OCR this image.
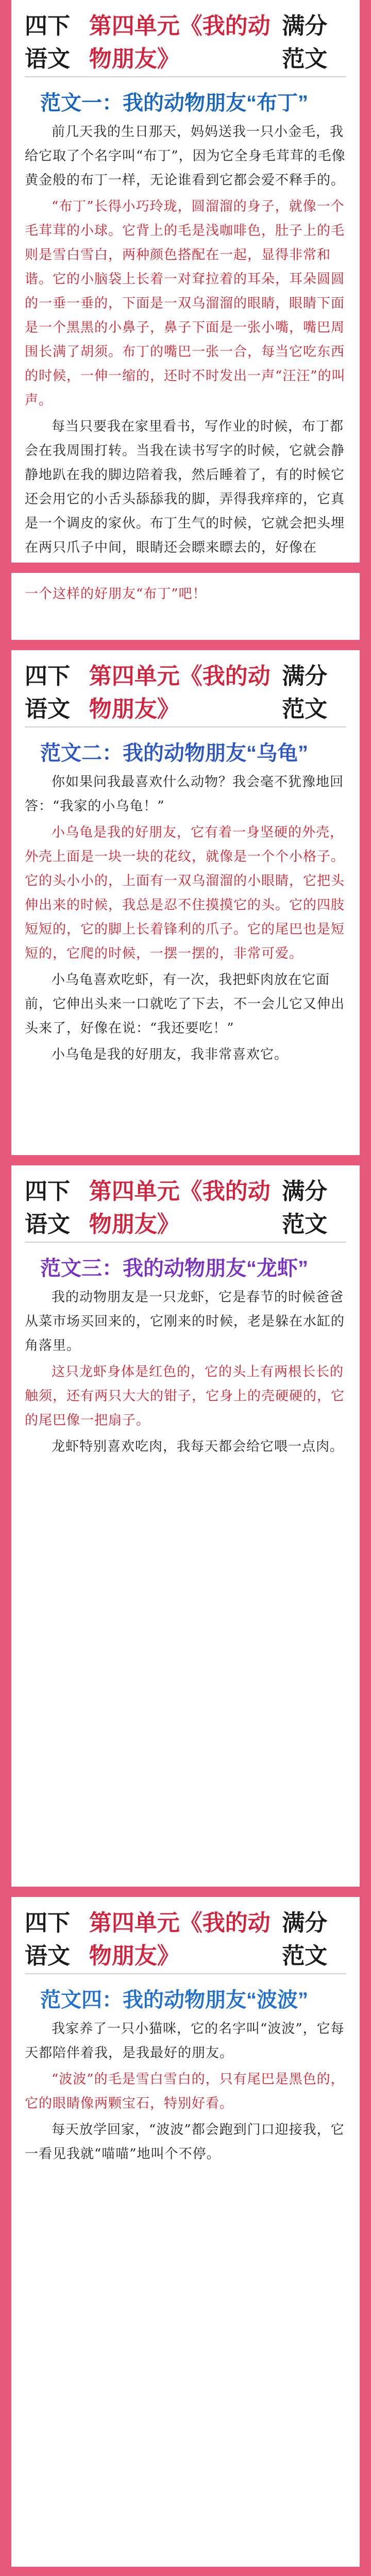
四下语文
第四单元《我的动物朋友》
满分范文
范文一：我的动物朋友“布丁”

前几天我的生日那天，妈妈送我一只小金毛，我给它取了个名字叫“布丁”，因为它全身毛茸茸的毛像黄金般的布丁一样，无论谁看到它都会爱不释手的。

“布丁”长得小巧玲珑，圆溜溜的身子，就像一个毛茸茸的小球。它背上的毛是浅咖啡色，肚子上的毛则是雪白雪白，两种颜色搭配在一起，显得非常和谐。它的小脑袋上长着一对耷拉着的耳朵，耳朵圆圆的一垂一垂的，下面是一双乌溜溜的眼睛，眼睛下面是一个黑黑的小鼻子，鼻子下面是一张小嘴，嘴巴周围长满了胡须。布丁的嘴巴一张一合，每当它吃东西的时候，一伸一缩的，还时不时发出一声“汪汪”的叫声。

每当只要我在家里看书，写作业的时候，布丁都会在我周围打转。当我在读书写字的时候，它就会静静地趴在我的脚边陪着我，然后睡着了，有的时候它还会用它的小舌头舔舔我的脚，弄得我痒痒的，它真是一个调皮的家伙。布丁生气的时候，它就会把头埋在两只爪子中间，眼睛还会瞟来瞟去的，好像在

一个这样的好朋友“布丁”吧！

四下语文
第四单元《我的动物朋友》
满分范文
范文二：我的动物朋友“乌龟”

你如果问我最喜欢什么动物？我会毫不犹豫地回答：“我家的小乌龟！”

小乌龟是我的好朋友，它有着一身坚硬的外壳，外壳上面是一块一块的花纹，就像是一个个小格子。它的头小小的，上面有一双乌溜溜的小眼睛，它把头伸出来的时候，我总是忍不住摸摸它的头。它的四肢短短的，它的脚上长着锋利的爪子。它的尾巴也是短短的，它爬的时候，一摆一摆的，非常可爱。

小乌龟喜欢吃虾，有一次，我把虾肉放在它面前，它伸出头来一口就吃了下去，不一会儿它又伸出头来了，好像在说：“我还要吃！”

小乌龟是我的好朋友，我非常喜欢它。

四下语文
第四单元《我的动物朋友》
满分范文
范文三：我的动物朋友“龙虾”

我的动物朋友是一只龙虾，它是春节的时候爸爸从菜市场买回来的，它刚来的时候，老是躲在水缸的角落里。

这只龙虾身体是红色的，它的头上有两根长长的触须，还有两只大大的钳子，它身上的壳硬硬的，它的尾巴像一把扇子。

龙虾特别喜欢吃肉，我每天都会给它喂一点肉。

四下语文
第四单元《我的动物朋友》
满分范文
范文四：我的动物朋友“波波”

我家养了一只小猫咪，它的名字叫“波波”，它每天都陪伴着我，是我最好的朋友。

“波波”的毛是雪白雪白的，只有尾巴是黑色的，它的眼睛像两颗宝石，特别好看。

每天放学回家，“波波”都会跑到门口迎接我，它一看见我就“喵喵”地叫个不停。
